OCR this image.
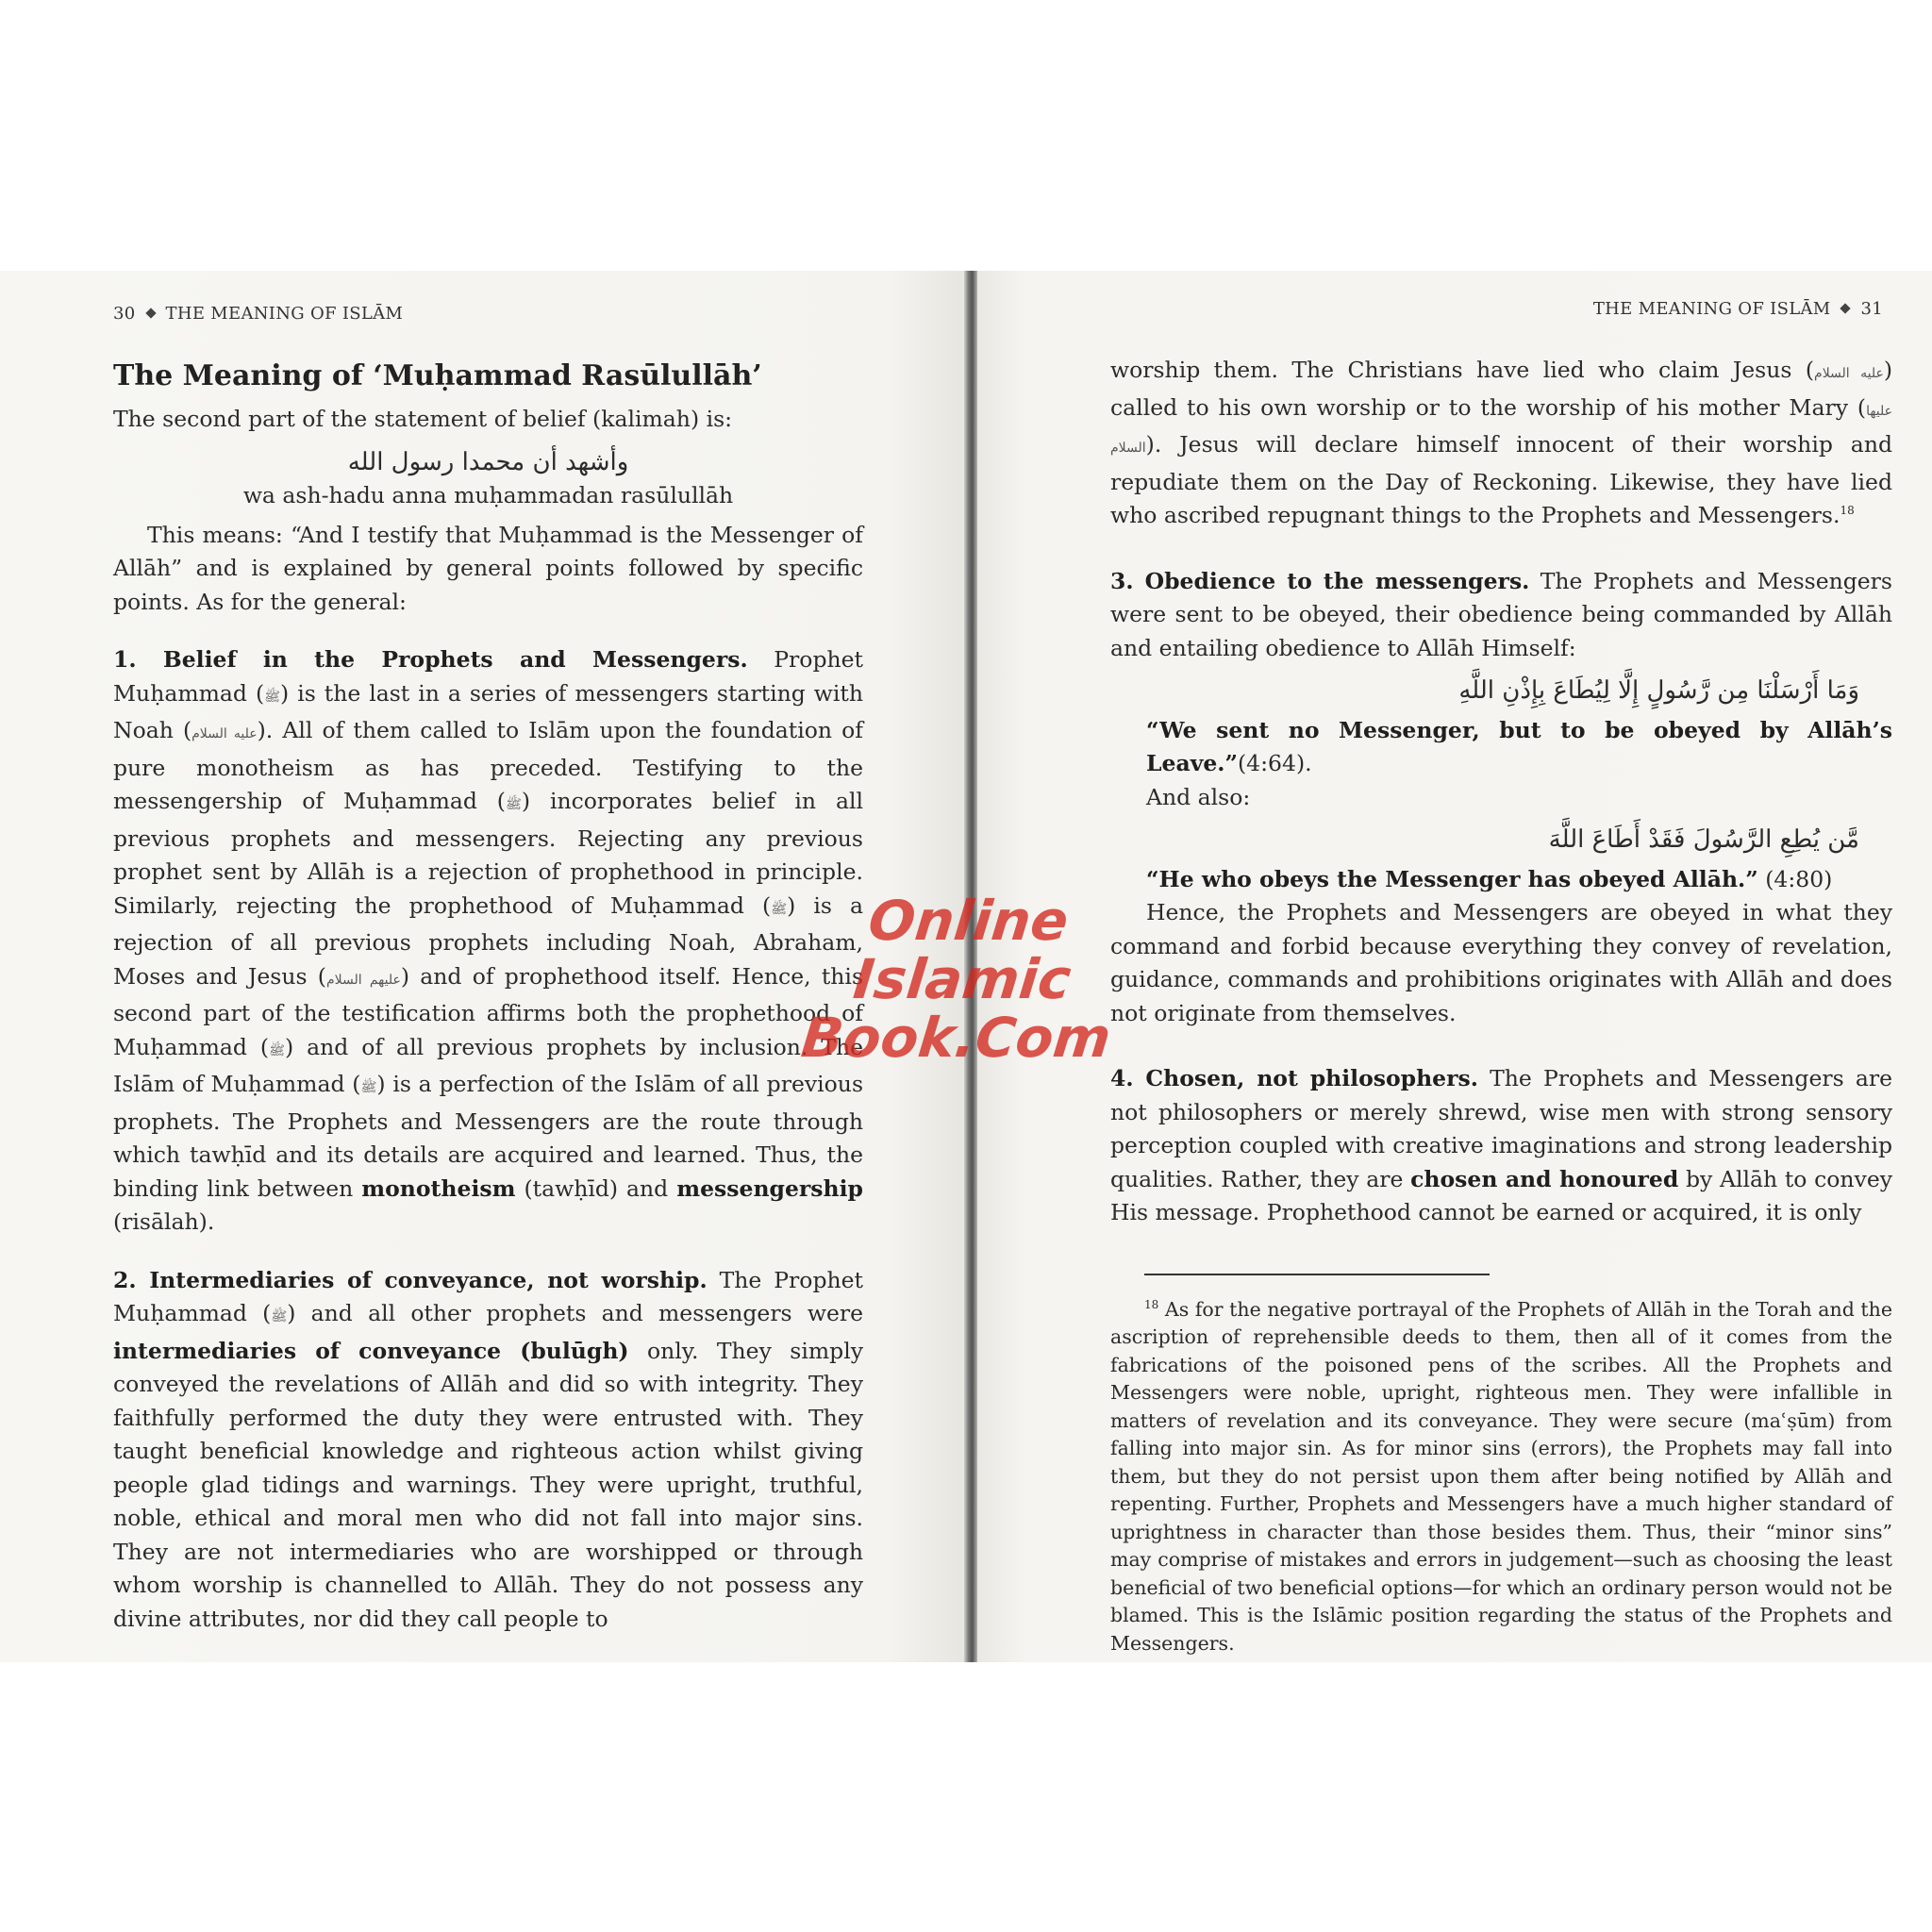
30 THE MEANING OF ISLĀM
The Meaning of ‘Muḥammad Rasūlullāh’

The second part of the statement of belief (kalimah) is:

وأشهد أن محمدا رسول الله

wa ash-hadu anna muḥammadan rasūlullāh

This means: “And I testify that Muḥammad is the Messenger of Allāh” and is explained by general points followed by specific points. As for the general:

1. Belief in the Prophets and Messengers. Prophet Muḥammad (ﷺ) is the last in a series of messengers starting with Noah (عليه السلام). All of them called to Islām upon the foundation of pure monotheism as has preceded. Testifying to the messengership of Muḥammad (ﷺ) incorporates belief in all previous prophets and messengers. Rejecting any previous prophet sent by Allāh is a rejection of prophethood in principle. Similarly, rejecting the prophethood of Muḥammad (ﷺ) is a rejection of all previous prophets including Noah, Abraham, Moses and Jesus (عليهم السلام) and of prophethood itself. Hence, this second part of the testification affirms both the prophethood of Muḥammad (ﷺ) and of all previous prophets by inclusion. The Islām of Muḥammad (ﷺ) is a perfection of the Islām of all previous prophets. The Prophets and Messengers are the route through which tawḥīd and its details are acquired and learned. Thus, the binding link between monotheism (tawḥīd) and messengership (risālah).

2. Intermediaries of conveyance, not worship. The Prophet Muḥammad (ﷺ) and all other prophets and messengers were intermediaries of conveyance (bulūgh) only. They simply conveyed the revelations of Allāh and did so with integrity. They faithfully performed the duty they were entrusted with. They taught beneficial knowledge and righteous action whilst giving people glad tidings and warnings. They were upright, truthful, noble, ethical and moral men who did not fall into major sins. They are not intermediaries who are worshipped or through whom worship is channelled to Allāh. They do not possess any divine attributes, nor did they call people to

THE MEANING OF ISLĀM 31

worship them. The Christians have lied who claim Jesus (عليه السلام) called to his own worship or to the worship of his mother Mary (عليها السلام). Jesus will declare himself innocent of their worship and repudiate them on the Day of Reckoning. Likewise, they have lied who ascribed repugnant things to the Prophets and Messengers.$^{18}$

3. Obedience to the messengers. The Prophets and Messengers were sent to be obeyed, their obedience being commanded by Allāh and entailing obedience to Allāh Himself:

وَمَا أَرْسَلْنَا مِن رَّسُولٍ إِلَّا لِيُطَاعَ بِإِذْنِ اللَّهِ

“We sent no Messenger, but to be obeyed by Allāh’s Leave.”(4:64).

And also:

مَّن يُطِعِ الرَّسُولَ فَقَدْ أَطَاعَ اللَّهَ

“He who obeys the Messenger has obeyed Allāh.” (4:80)

Hence, the Prophets and Messengers are obeyed in what they command and forbid because everything they convey of revelation, guidance, commands and prohibitions originates with Allāh and does not originate from themselves.

4. Chosen, not philosophers. The Prophets and Messengers are not philosophers or merely shrewd, wise men with strong sensory perception coupled with creative imaginations and strong leadership qualities. Rather, they are chosen and honoured by Allāh to convey His message. Prophethood cannot be earned or acquired, it is only

$^{18}$ As for the negative portrayal of the Prophets of Allāh in the Torah and the ascription of reprehensible deeds to them, then all of it comes from the fabrications of the poisoned pens of the scribes. All the Prophets and Messengers were noble, upright, righteous men. They were infallible in matters of revelation and its conveyance. They were secure (maʿṣūm) from falling into major sin. As for minor sins (errors), the Prophets may fall into them, but they do not persist upon them after being notified by Allāh and repenting. Further, Prophets and Messengers have a much higher standard of uprightness in character than those besides them. Thus, their “minor sins” may comprise of mistakes and errors in judgement—such as choosing the least beneficial of two beneficial options—for which an ordinary person would not be blamed. This is the Islāmic position regarding the status of the Prophets and Messengers.

Online Islamic
Book.Com
